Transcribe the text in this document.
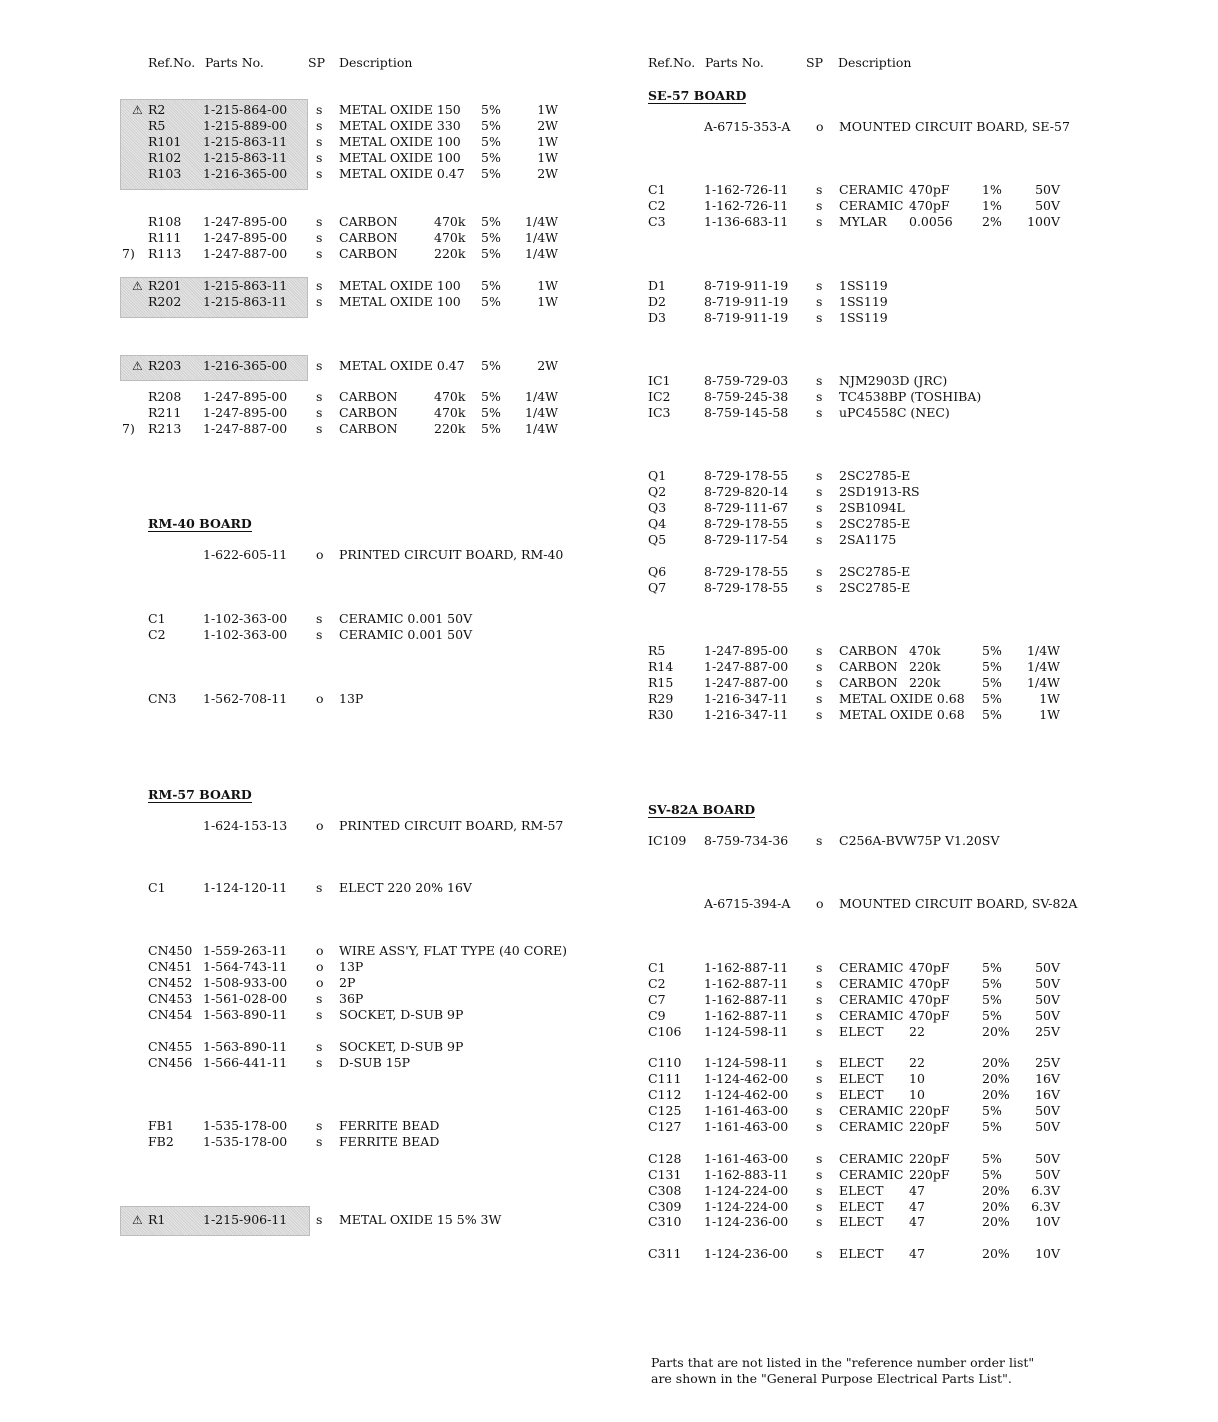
Ref.No. Parts No.	SP Description
⚠ R2	1-215-864-00 s METAL OXIDE 150 5%	1W
R5	1-215-889-00 s METAL OXIDE 330 5%	2W
R101 1-215-863-11 s METAL OXIDE 100 5%	1W
R102 1-215-863-11 s METAL OXIDE 100 5%	1W
R103 1-216-365-00 s METAL OXIDE 0.47 5%	2W
R108 1-247-895-00 s CARBON	470k 5%	1/4W
R111 1-247-895-00 s CARBON	470k 5%	1/4W
7) R113 1-247-887-00 s CARBON	220k 5%	1/4W
⚠ R201 1-215-863-11 s METAL OXIDE 100 5%	1W
R202 1-215-863-11 s METAL OXIDE 100 5%	1W
⚠ R203 1-216-365-00 s METAL OXIDE 0.47 5%	2W
R208 1-247-895-00 s CARBON	470k 5%	1/4W
R211 1-247-895-00 s CARBON	470k 5%	1/4W
7) R213 1-247-887-00 s CARBON	220k 5%	1/4W
1-622-605-11 o PRINTED CIRCUIT BOARD, RM-40
C1	1-102-363-00 s CERAMIC 0.001 50V
C2	1-102-363-00 s CERAMIC 0.001 50V
CN3 1-562-708-11 o 13P
1-624-153-13 o PRINTED CIRCUIT BOARD, RM-57
C1	1-124-120-11 s ELECT 220 20% 16V
CN450 1-559-263-11 o WIRE ASS'Y, FLAT TYPE (40 CORE)
CN451 1-564-743-11 o 13P
CN452 1-508-933-00 o 2P
CN453 1-561-028-00 s 36P
CN454 1-563-890-11 s SOCKET, D-SUB 9P
CN455 1-563-890-11 s SOCKET, D-SUB 9P
CN456 1-566-441-11 s D-SUB 15P
FB1 1-535-178-00 s FERRITE BEAD
FB2 1-535-178-00 s FERRITE BEAD
⚠ R1	1-215-906-11 s METAL OXIDE 15 5% 3W
RM-40 BOARD
RM-57 BOARD
Ref.No. Parts No.	SP Description
A-6715-353-A o MOUNTED CIRCUIT BOARD, SE-57
C1	1-162-726-11 s CERAMIC 470pF	1%	50V
C2	1-162-726-11 s CERAMIC 470pF	1%	50V
C3	1-136-683-11 s MYLAR 0.0056 2%	100V
D1	8-719-911-19 s 1SS119
D2	8-719-911-19 s 1SS119
D3	8-719-911-19 s 1SS119
IC1	8-759-729-03 s NJM2903D (JRC)
IC2	8-759-245-38 s TC4538BP (TOSHIBA)
IC3	8-759-145-58 s uPC4558C (NEC)
Q1	8-729-178-55 s 2SC2785-E
Q2	8-729-820-14 s 2SD1913-RS
Q3	8-729-111-67 s 2SB1094L
Q4	8-729-178-55 s 2SC2785-E
Q5	8-729-117-54 s 2SA1175
Q6	8-729-178-55 s 2SC2785-E
Q7	8-729-178-55 s 2SC2785-E
R5	1-247-895-00 s CARBON 470k	5%	1/4W
R14 1-247-887-00 s CARBON 220k	5%	1/4W
R15 1-247-887-00 s CARBON 220k	5%	1/4W
R29 1-216-347-11 s METAL OXIDE 0.68 5%	1W
R30 1-216-347-11 s METAL OXIDE 0.68 5%	1W
IC109 8-759-734-36 s C256A-BVW75P V1.20SV
A-6715-394-A o MOUNTED CIRCUIT BOARD, SV-82A
C1	1-162-887-11 s CERAMIC 470pF	5%	50V
C2	1-162-887-11 s CERAMIC 470pF	5%	50V
C7	1-162-887-11 s CERAMIC 470pF	5%	50V
C9	1-162-887-11 s CERAMIC 470pF	5%	50V
C106 1-124-598-11 s ELECT 22	20%	25V
C110 1-124-598-11 s ELECT 22	20%	25V
C111 1-124-462-00 s ELECT 10	20%	16V
C112 1-124-462-00 s ELECT 10	20%	16V
C125 1-161-463-00 s CERAMIC 220pF	5%	50V
C127 1-161-463-00 s CERAMIC 220pF	5%	50V
C128 1-161-463-00 s CERAMIC 220pF	5%	50V
C131 1-162-883-11 s CERAMIC 220pF	5%	50V
C308 1-124-224-00 s ELECT 47	20%	6.3V
C309 1-124-224-00 s ELECT 47	20%	6.3V
C310 1-124-236-00 s ELECT 47	20%	10V
C311 1-124-236-00 s ELECT 47	20%	10V
SE-57 BOARD
SV-82A BOARD
Parts that are not listed in the "reference number order list"
are shown in the "General Purpose Electrical Parts List".
